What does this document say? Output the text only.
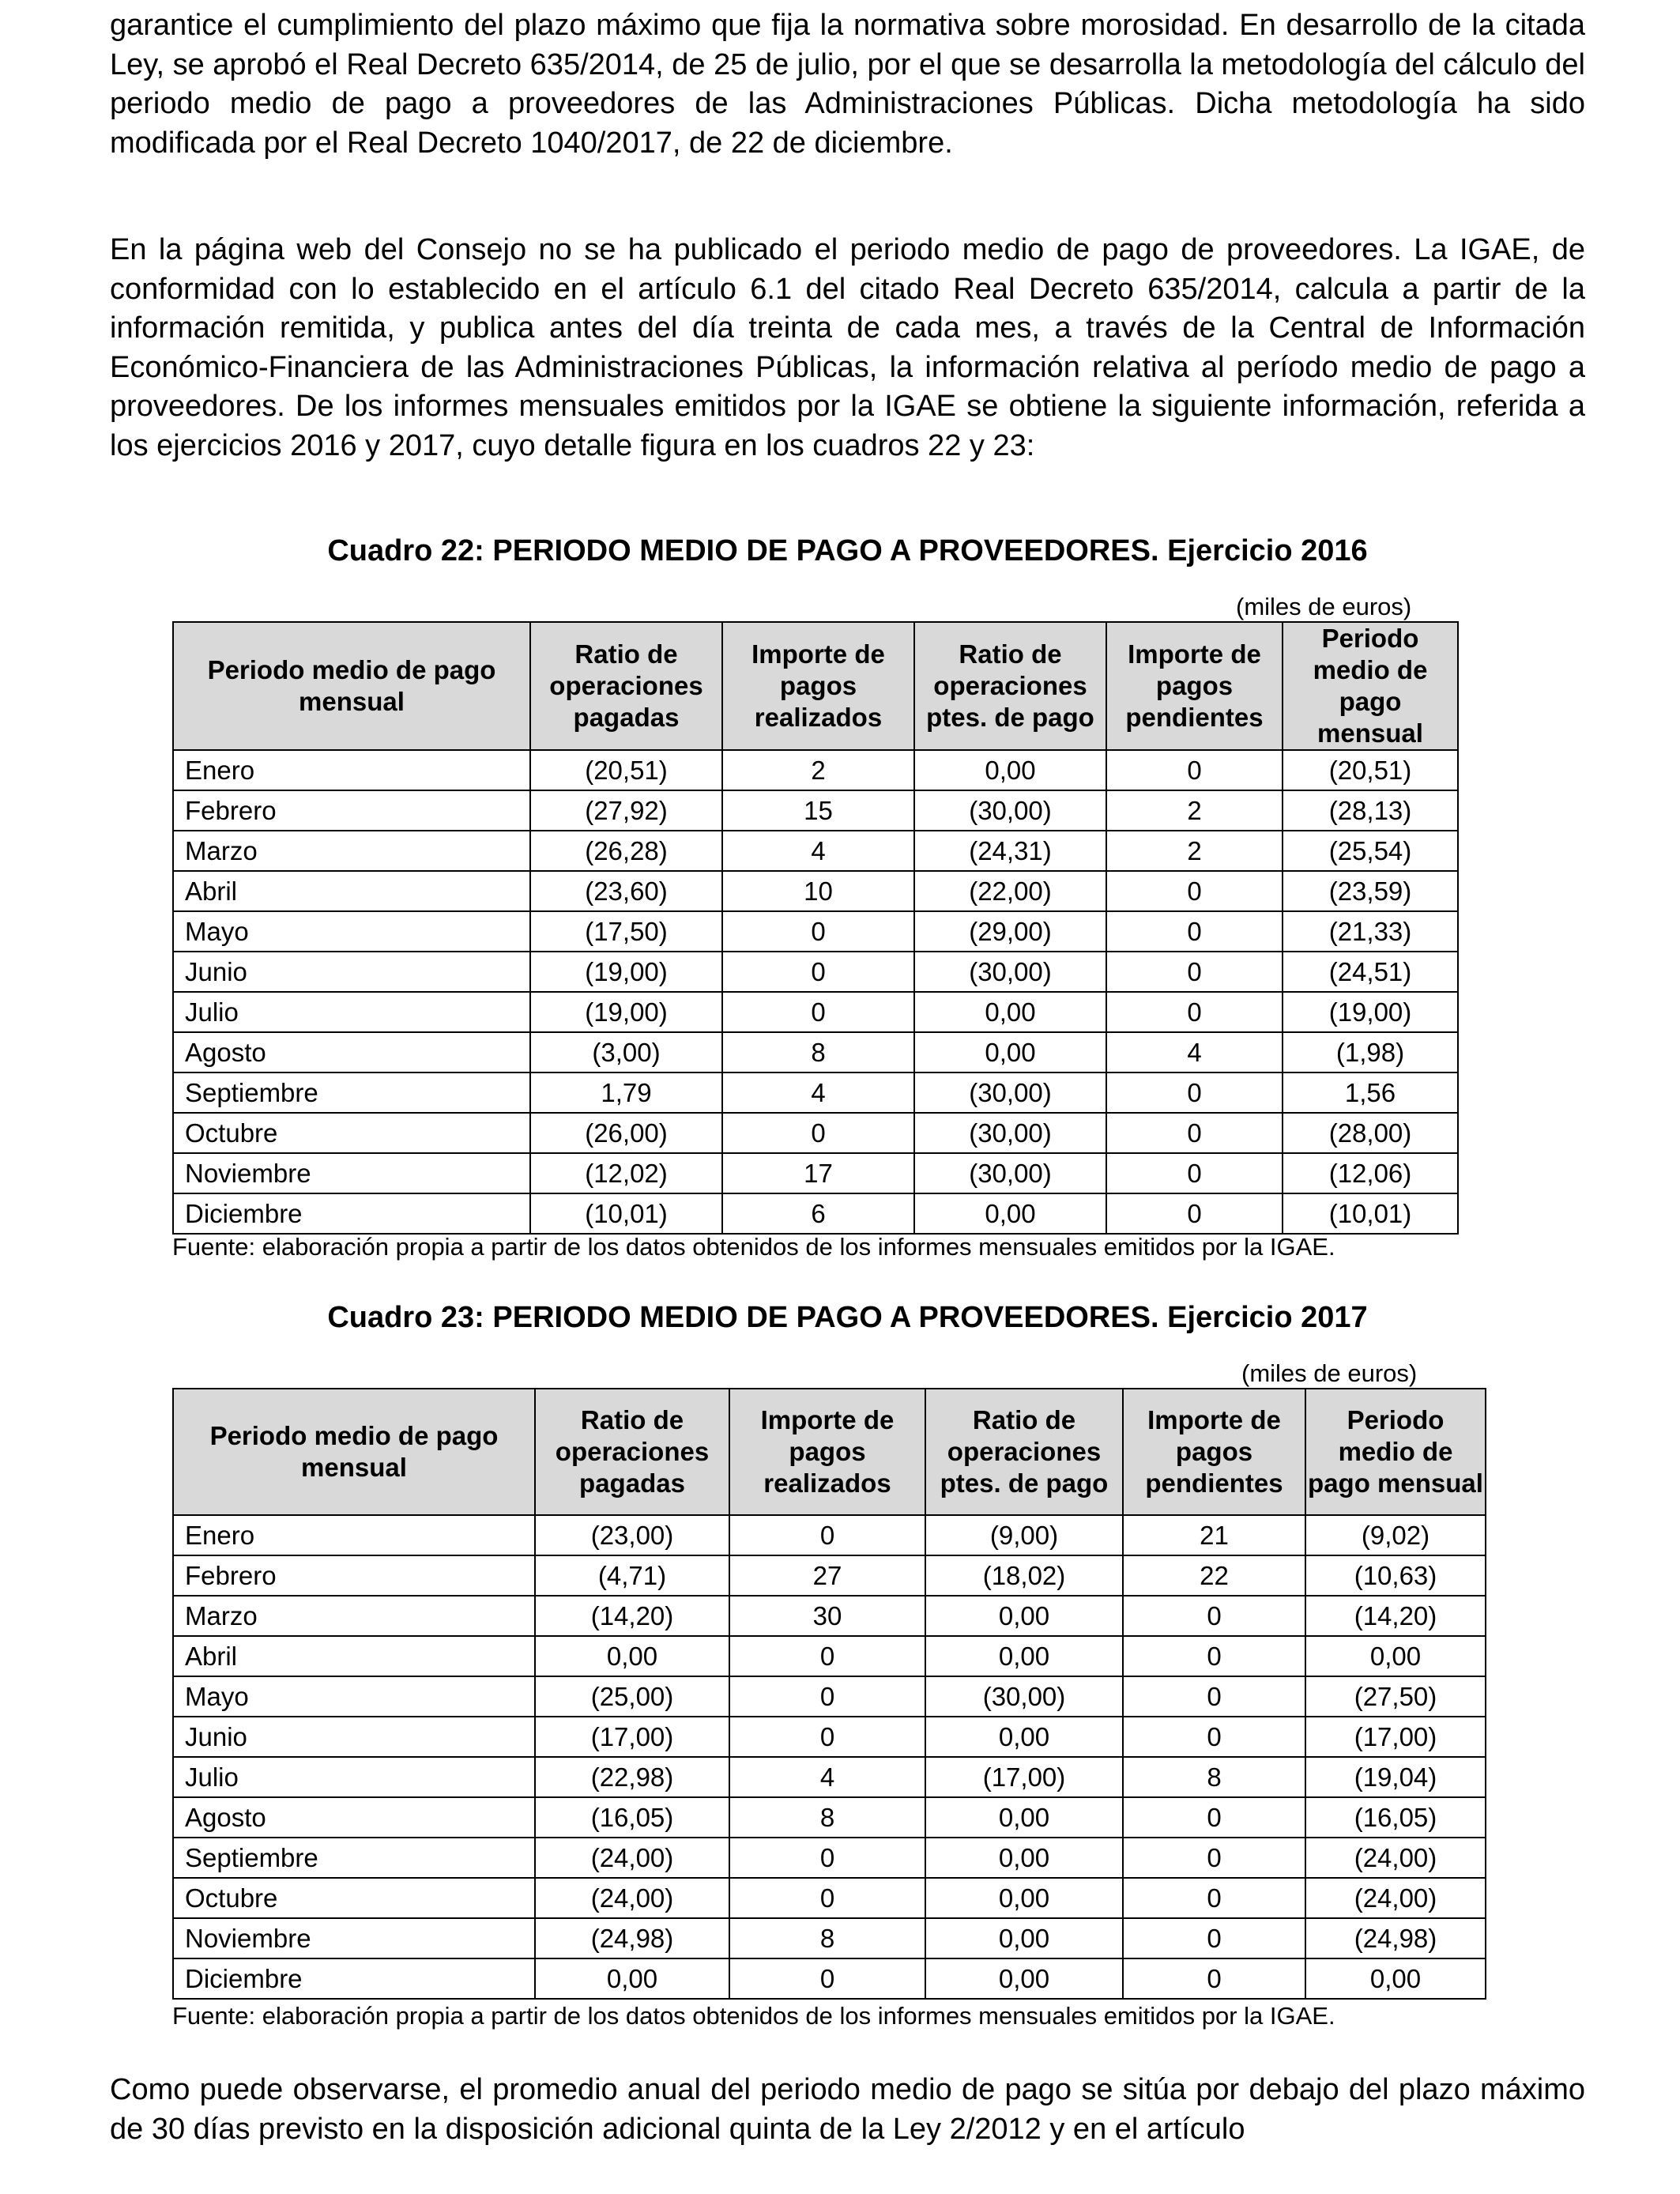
garantice el cumplimiento del plazo máximo que fija la normativa sobre morosidad. En desarrollo de la citada Ley, se aprobó el Real Decreto 635/2014, de 25 de julio, por el que se desarrolla la metodología del cálculo del periodo medio de pago a proveedores de las Administraciones Públicas. Dicha metodología ha sido modificada por el Real Decreto 1040/2017, de 22 de diciembre.

En la página web del Consejo no se ha publicado el periodo medio de pago de proveedores. La IGAE, de conformidad con lo establecido en el artículo 6.1 del citado Real Decreto 635/2014, calcula a partir de la información remitida, y publica antes del día treinta de cada mes, a través de la Central de Información Económico-Financiera de las Administraciones Públicas, la información relativa al período medio de pago a proveedores. De los informes mensuales emitidos por la IGAE se obtiene la siguiente información, referida a los ejercicios 2016 y 2017, cuyo detalle figura en los cuadros 22 y 23:

Cuadro 22: PERIODO MEDIO DE PAGO A PROVEEDORES. Ejercicio 2016

(miles de euros)

Periodo medio de pago mensual	Ratio de operaciones pagadas	Importe de pagos realizados	Ratio de operaciones ptes. de pago	Importe de pagos pendientes	Periodo medio de pago mensual
Enero	(20,51)	2	0,00	0	(20,51)
Febrero	(27,92)	15	(30,00)	2	(28,13)
Marzo	(26,28)	4	(24,31)	2	(25,54)
Abril	(23,60)	10	(22,00)	0	(23,59)
Mayo	(17,50)	0	(29,00)	0	(21,33)
Junio	(19,00)	0	(30,00)	0	(24,51)
Julio	(19,00)	0	0,00	0	(19,00)
Agosto	(3,00)	8	0,00	4	(1,98)
Septiembre	1,79	4	(30,00)	0	1,56
Octubre	(26,00)	0	(30,00)	0	(28,00)
Noviembre	(12,02)	17	(30,00)	0	(12,06)
Diciembre	(10,01)	6	0,00	0	(10,01)

Fuente: elaboración propia a partir de los datos obtenidos de los informes mensuales emitidos por la IGAE.

Cuadro 23: PERIODO MEDIO DE PAGO A PROVEEDORES. Ejercicio 2017

(miles de euros)

Periodo medio de pago mensual	Ratio de operaciones pagadas	Importe de pagos realizados	Ratio de operaciones ptes. de pago	Importe de pagos pendientes	Periodo medio de pago mensual
Enero	(23,00)	0	(9,00)	21	(9,02)
Febrero	(4,71)	27	(18,02)	22	(10,63)
Marzo	(14,20)	30	0,00	0	(14,20)
Abril	0,00	0	0,00	0	0,00
Mayo	(25,00)	0	(30,00)	0	(27,50)
Junio	(17,00)	0	0,00	0	(17,00)
Julio	(22,98)	4	(17,00)	8	(19,04)
Agosto	(16,05)	8	0,00	0	(16,05)
Septiembre	(24,00)	0	0,00	0	(24,00)
Octubre	(24,00)	0	0,00	0	(24,00)
Noviembre	(24,98)	8	0,00	0	(24,98)
Diciembre	0,00	0	0,00	0	0,00

Fuente: elaboración propia a partir de los datos obtenidos de los informes mensuales emitidos por la IGAE.

Como puede observarse, el promedio anual del periodo medio de pago se sitúa por debajo del plazo máximo de 30 días previsto en la disposición adicional quinta de la Ley 2/2012 y en el artículo
